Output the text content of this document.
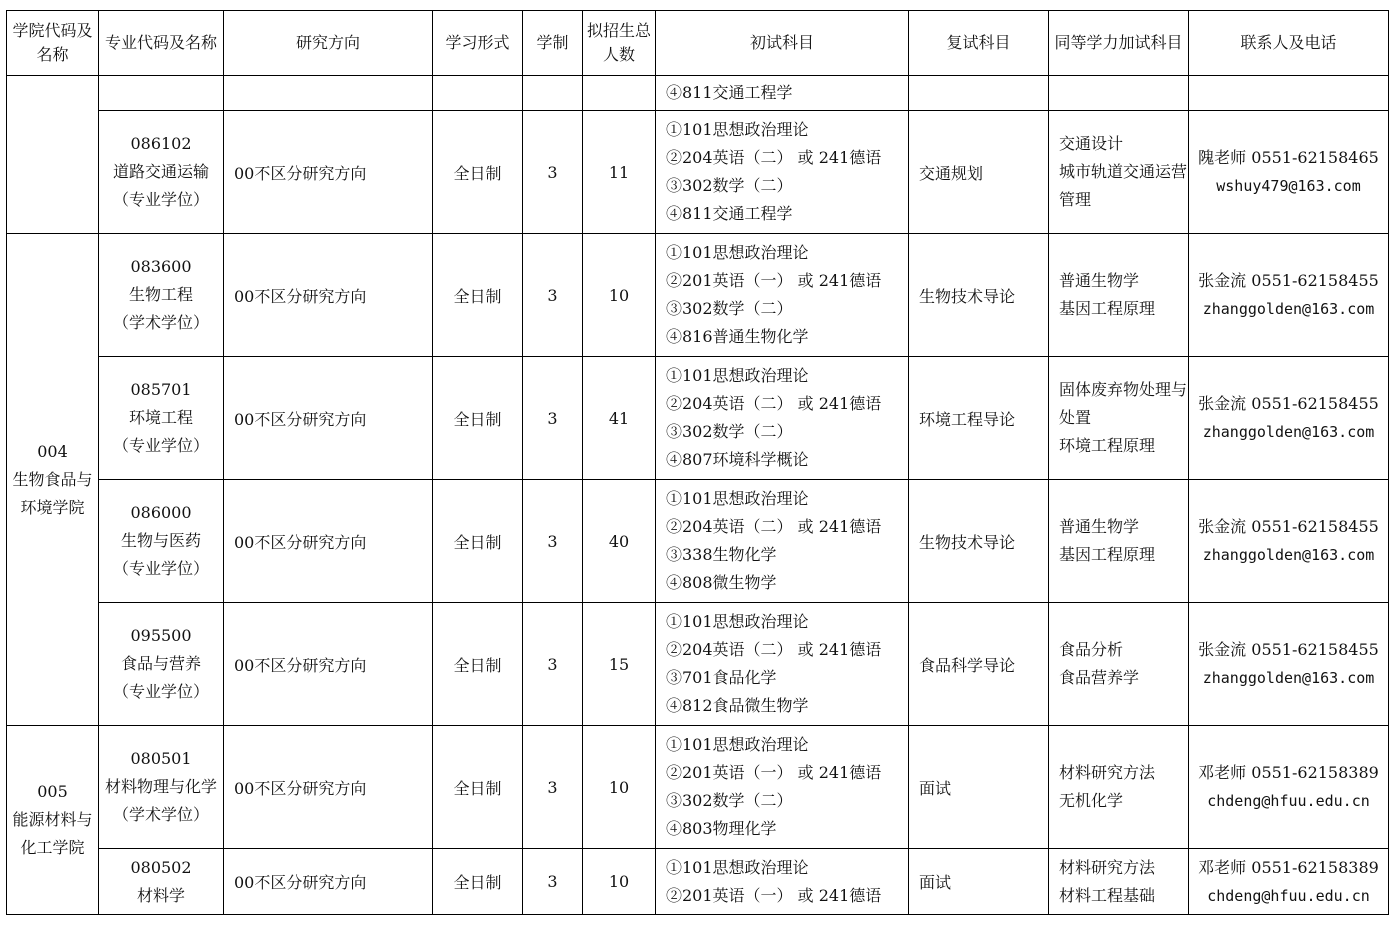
学院代码及名称	专业代码及名称	研究方向	学习形式	学制	拟招生总人数	初试科目	复试科目	同等学力加试科目	联系人及电话

						④811交通工程学			

	086102
道路交通运输
（专业学位）	00不区分研究方向	全日制	3	11	①101思想政治理论
②204英语（二） 或 241德语
③302数学（二）
④811交通工程学	交通规划	交通设计
城市轨道交通运营管理	隗老师 0551-62158465
wshuy479@163.com

004
生物食品与环境学院	083600
生物工程
（学术学位）	00不区分研究方向	全日制	3	10	①101思想政治理论
②201英语（一） 或 241德语
③302数学（二）
④816普通生物化学	生物技术导论	普通生物学
基因工程原理	张金流 0551-62158455
zhanggolden@163.com

	085701
环境工程
（专业学位）	00不区分研究方向	全日制	3	41	①101思想政治理论
②204英语（二） 或 241德语
③302数学（二）
④807环境科学概论	环境工程导论	固体废弃物处理与处置
环境工程原理	张金流 0551-62158455
zhanggolden@163.com

	086000
生物与医药
（专业学位）	00不区分研究方向	全日制	3	40	①101思想政治理论
②204英语（二） 或 241德语
③338生物化学
④808微生物学	生物技术导论	普通生物学
基因工程原理	张金流 0551-62158455
zhanggolden@163.com

	095500
食品与营养
（专业学位）	00不区分研究方向	全日制	3	15	①101思想政治理论
②204英语（二） 或 241德语
③701食品化学
④812食品微生物学	食品科学导论	食品分析
食品营养学	张金流 0551-62158455
zhanggolden@163.com

005
能源材料与化工学院	080501
材料物理与化学
（学术学位）	00不区分研究方向	全日制	3	10	①101思想政治理论
②201英语（一） 或 241德语
③302数学（二）
④803物理化学	面试	材料研究方法
无机化学	邓老师 0551-62158389
chdeng@hfuu.edu.cn

	080502
材料学	00不区分研究方向	全日制	3	10	①101思想政治理论
②201英语（一） 或 241德语	面试	材料研究方法
材料工程基础	邓老师 0551-62158389
chdeng@hfuu.edu.cn
